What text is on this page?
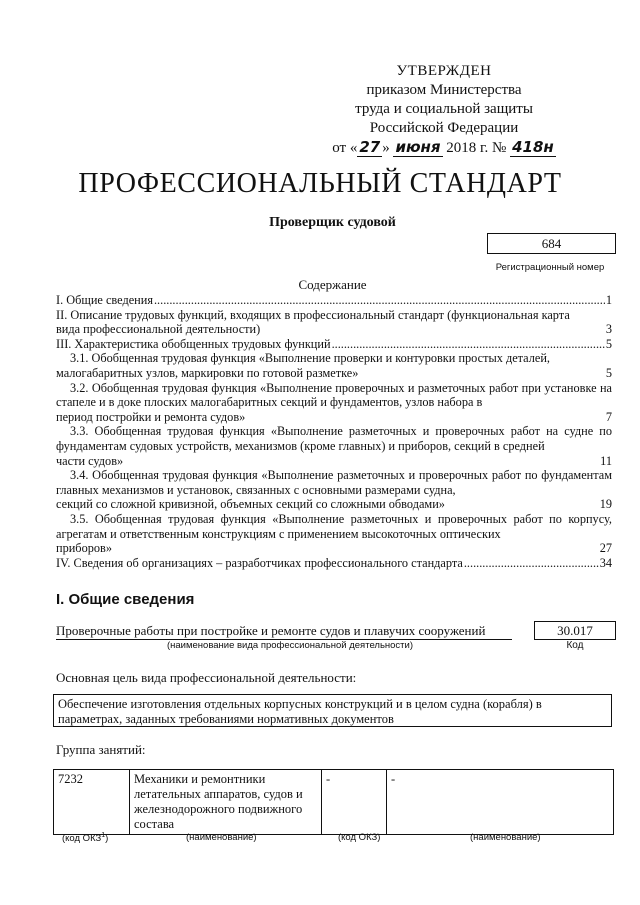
УТВЕРЖДЕН
приказом Министерства
труда и социальной защиты
Российской Федерации
от « 27 » июня 2018 г. № 418н
ПРОФЕССИОНАЛЬНЫЙ СТАНДАРТ
Проверщик судовой
684
Регистрационный номер
Содержание
I. Общие сведения .....	1
II. Описание трудовых функций, входящих в профессиональный стандарт (функциональная карта
вида профессиональной деятельности)	3
III. Характеристика обобщенных трудовых функций .....	5
3.1. Обобщенная трудовая функция «Выполнение проверки и контуровки простых деталей,
малогабаритных узлов, маркировки по готовой разметке»	5
3.2. Обобщенная трудовая функция «Выполнение проверочных и разметочных работ при установке на стапеле и в доке плоских малогабаритных секций и фундаментов, узлов набора в
период постройки и ремонта судов»	7
3.3. Обобщенная трудовая функция «Выполнение разметочных и проверочных работ на судне по фундаментам судовых устройств, механизмов (кроме главных) и приборов, секций в средней
части судов»	11
3.4. Обобщенная трудовая функция «Выполнение разметочных и проверочных работ по фундаментам главных механизмов и установок, связанных с основными размерами судна,
секций со сложной кривизной, объемных секций со сложными обводами»	19
3.5. Обобщенная трудовая функция «Выполнение разметочных и проверочных работ по корпусу, агрегатам и ответственным конструкциям с применением высокоточных оптических
приборов»	27
IV. Сведения об организациях – разработчиках профессионального стандарта .....	34
I. Общие сведения
Проверочные работы при постройке и ремонте судов и плавучих сооружений
(наименование вида профессиональной деятельности)
30.017
Код
Основная цель вида профессиональной деятельности:
Обеспечение изготовления отдельных корпусных конструкций и в целом судна (корабля) в параметрах, заданных требованиями нормативных документов
Группа занятий:
7232	Механики и ремонтники летательных аппаратов, судов и железнодорожного подвижного состава	-	-
(код ОКЗ$^1$)	(наименование)	(код ОКЗ)	(наименование)
